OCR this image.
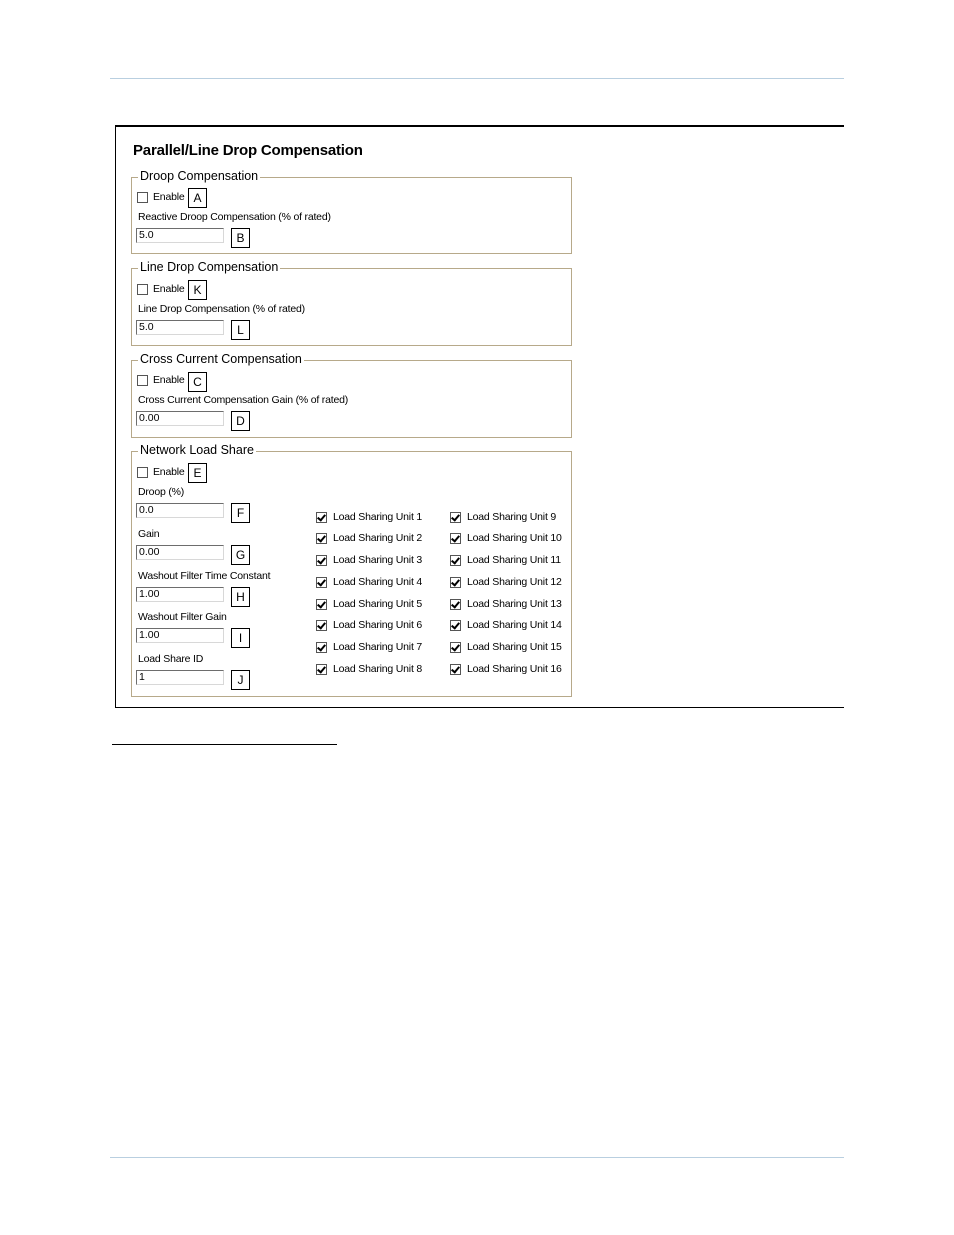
Parallel/Line Drop Compensation
Droop Compensation
Enable A
Reactive Droop Compensation (% of rated)
5.0	B
Line Drop Compensation
Enable K
Line Drop Compensation (% of rated)
5.0	L
Cross Current Compensation
Enable C
Cross Current Compensation Gain (% of rated)
0.00	D
Network Load Share
Enable E
Droop (%)
0.0	F
Gain
0.00	G
Washout Filter Time Constant
1.00	H
Washout Filter Gain
1.00	I
Load Share ID
1	J
Load Sharing Unit 1
Load Sharing Unit 2
Load Sharing Unit 3
Load Sharing Unit 4
Load Sharing Unit 5
Load Sharing Unit 6
Load Sharing Unit 7
Load Sharing Unit 8
Load Sharing Unit 9
Load Sharing Unit 10
Load Sharing Unit 11
Load Sharing Unit 12
Load Sharing Unit 13
Load Sharing Unit 14
Load Sharing Unit 15
Load Sharing Unit 16
